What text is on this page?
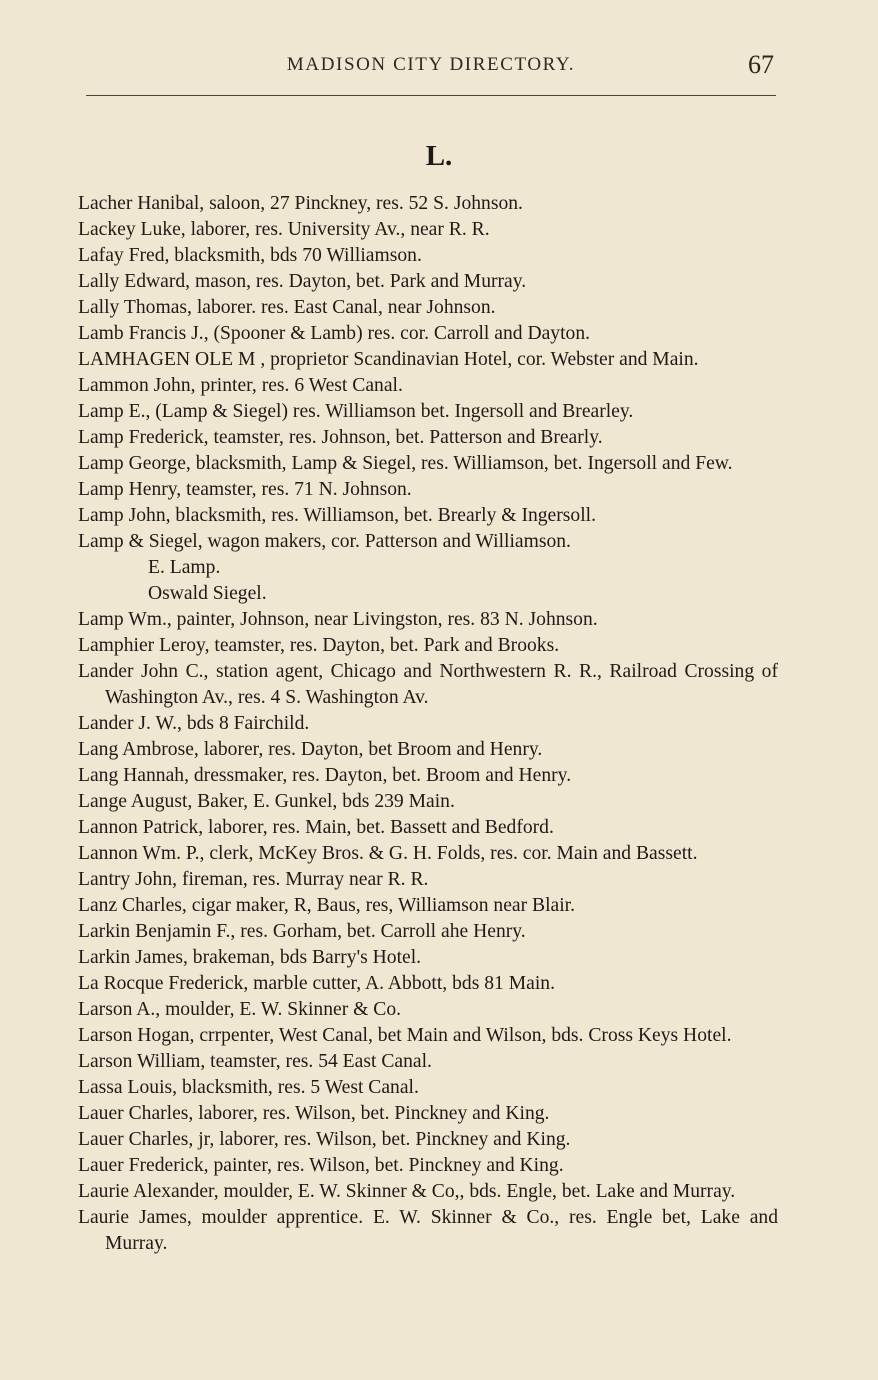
MADISON CITY DIRECTORY.	67
L.
Lacher Hanibal, saloon, 27 Pinckney, res. 52 S. Johnson.
Lackey Luke, laborer, res. University Av., near R. R.
Lafay Fred, blacksmith, bds 70 Williamson.
Lally Edward, mason, res. Dayton, bet. Park and Murray.
Lally Thomas, laborer. res. East Canal, near Johnson.
Lamb Francis J., (Spooner & Lamb) res. cor. Carroll and Dayton.
LAMHAGEN OLE M , proprietor Scandinavian Hotel, cor. Webster and Main.
Lammon John, printer, res. 6 West Canal.
Lamp E., (Lamp & Siegel) res. Williamson bet. Ingersoll and Brearley.
Lamp Frederick, teamster, res. Johnson, bet. Patterson and Brearly.
Lamp George, blacksmith, Lamp & Siegel, res. Williamson, bet. Ingersoll and Few.
Lamp Henry, teamster, res. 71 N. Johnson.
Lamp John, blacksmith, res. Williamson, bet. Brearly & Ingersoll.
Lamp & Siegel, wagon makers, cor. Patterson and Williamson.
E. Lamp.
Oswald Siegel.
Lamp Wm., painter, Johnson, near Livingston, res. 83 N. Johnson.
Lamphier Leroy, teamster, res. Dayton, bet. Park and Brooks.
Lander John C., station agent, Chicago and Northwestern R. R., Railroad Crossing of Washington Av., res. 4 S. Washington Av.
Lander J. W., bds 8 Fairchild.
Lang Ambrose, laborer, res. Dayton, bet Broom and Henry.
Lang Hannah, dressmaker, res. Dayton, bet. Broom and Henry.
Lange August, Baker, E. Gunkel, bds 239 Main.
Lannon Patrick, laborer, res. Main, bet. Bassett and Bedford.
Lannon Wm. P., clerk, McKey Bros. & G. H. Folds, res. cor. Main and Bassett.
Lantry John, fireman, res. Murray near R. R.
Lanz Charles, cigar maker, R, Baus, res, Williamson near Blair.
Larkin Benjamin F., res. Gorham, bet. Carroll ahe Henry.
Larkin James, brakeman, bds Barry's Hotel.
La Rocque Frederick, marble cutter, A. Abbott, bds 81 Main.
Larson A., moulder, E. W. Skinner & Co.
Larson Hogan, crrpenter, West Canal, bet Main and Wilson, bds. Cross Keys Hotel.
Larson William, teamster, res. 54 East Canal.
Lassa Louis, blacksmith, res. 5 West Canal.
Lauer Charles, laborer, res. Wilson, bet. Pinckney and King.
Lauer Charles, jr, laborer, res. Wilson, bet. Pinckney and King.
Lauer Frederick, painter, res. Wilson, bet. Pinckney and King.
Laurie Alexander, moulder, E. W. Skinner & Co,, bds. Engle, bet. Lake and Murray.
Laurie James, moulder apprentice. E. W. Skinner & Co., res. Engle bet, Lake and Murray.
